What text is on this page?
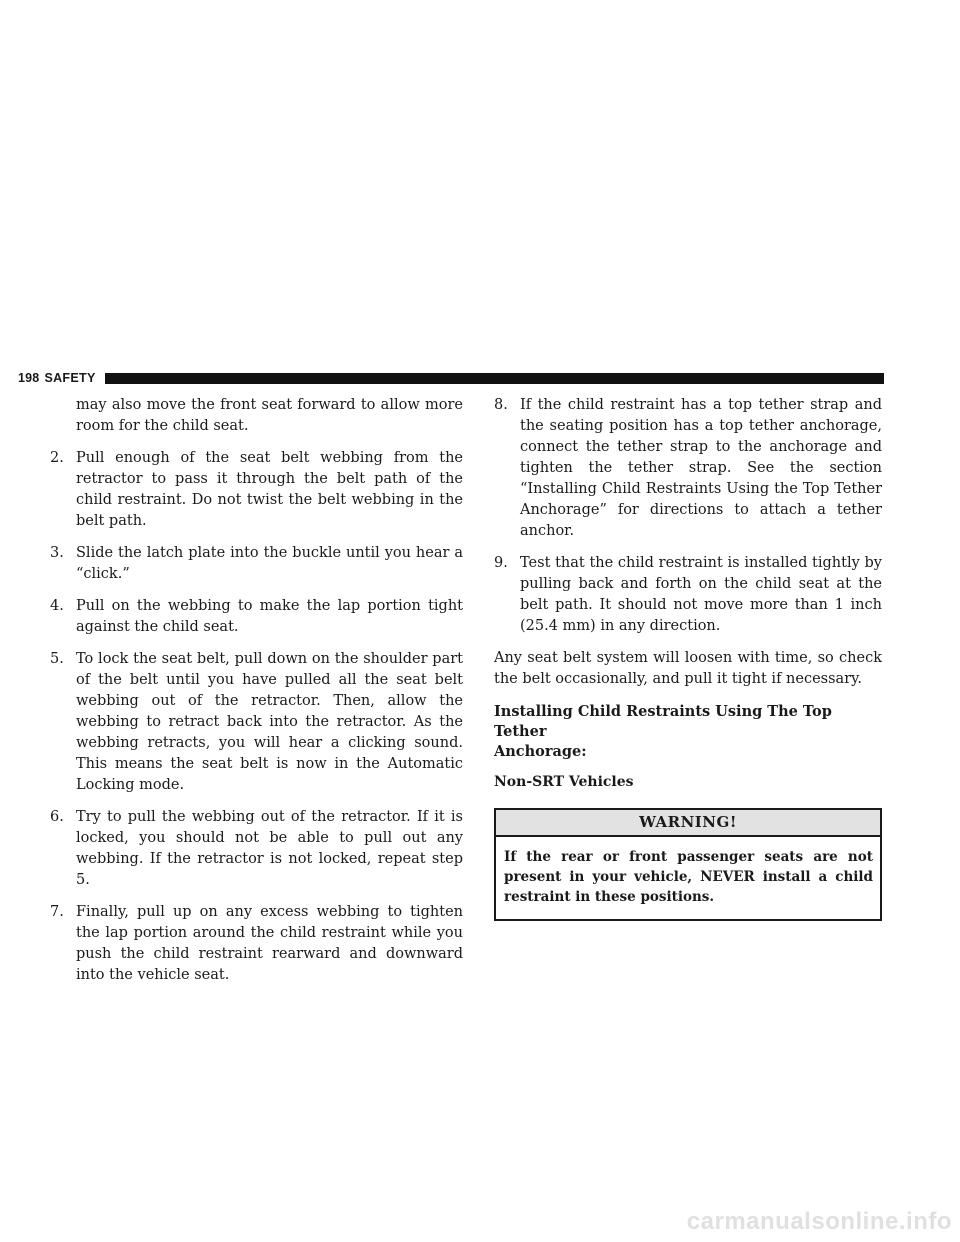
198 SAFETY

may also move the front seat forward to allow more room for the child seat.

2. Pull enough of the seat belt webbing from the retractor to pass it through the belt path of the child restraint. Do not twist the belt webbing in the belt path.
3. Slide the latch plate into the buckle until you hear a “click.”
4. Pull on the webbing to make the lap portion tight against the child seat.
5. To lock the seat belt, pull down on the shoulder part of the belt until you have pulled all the seat belt webbing out of the retractor. Then, allow the webbing to retract back into the retractor. As the webbing retracts, you will hear a clicking sound. This means the seat belt is now in the Automatic Locking mode.
6. Try to pull the webbing out of the retractor. If it is locked, you should not be able to pull out any webbing. If the retractor is not locked, repeat step 5.
7. Finally, pull up on any excess webbing to tighten the lap portion around the child restraint while you push the child restraint rearward and downward into the vehicle seat.
8. If the child restraint has a top tether strap and the seating position has a top tether anchorage, connect the tether strap to the anchorage and tighten the tether strap. See the section “Installing Child Restraints Using the Top Tether Anchorage” for directions to attach a tether anchor.
9. Test that the child restraint is installed tightly by pulling back and forth on the child seat at the belt path. It should not move more than 1 inch (25.4 mm) in any direction.

Any seat belt system will loosen with time, so check the belt occasionally, and pull it tight if necessary.

Installing Child Restraints Using The Top Tether
Anchorage:
Non-SRT Vehicles
WARNING!
If the rear or front passenger seats are not present in your vehicle, NEVER install a child restraint in these positions.
carmanualsonline.info
